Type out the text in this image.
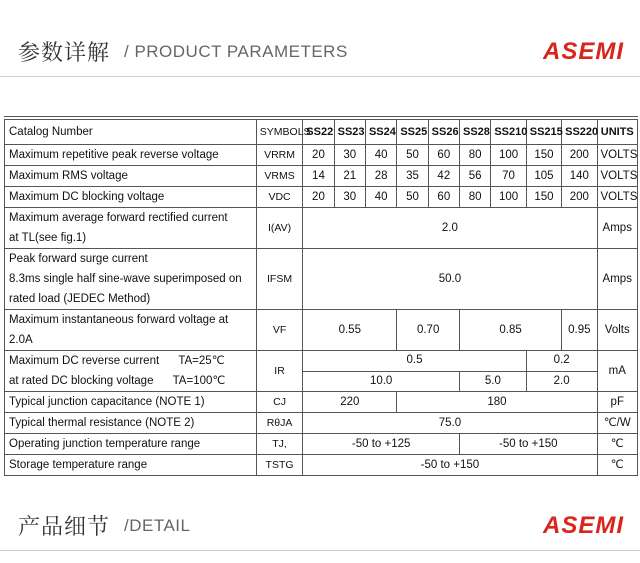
参数详解 / PRODUCT PARAMETERS	ASEMI
Catalog Number	SYMBOLS	SS22	SS23	SS24	SS25	SS26	SS28	SS210	SS215	SS220	UNITS
Maximum repetitive peak reverse voltage	VRRM	20	30	40	50	60	80	100	150	200	VOLTS
Maximum RMS voltage	VRMS	14	21	28	35	42	56	70	105	140	VOLTS
Maximum DC blocking voltage	VDC	20	30	40	50	60	80	100	150	200	VOLTS
Maximum average forward rectified current
at TL(see fig.1)	I(AV)	2.0									Amps
Peak forward surge current
8.3ms single half sine-wave superimposed on
rated load (JEDEC Method)	IFSM	50.0									Amps
Maximum instantaneous forward voltage at 2.0A	VF	0.55			0.70		0.85			0.95	Volts
Maximum DC reverse current TA=25℃
at rated DC blocking voltage TA=100℃	IR	0.5							0.2		mA
		10.0					5.0		2.0		
Typical junction capacitance (NOTE 1)	CJ	220			180						pF
Typical thermal resistance (NOTE 2)	RθJA	75.0									℃/W
Operating junction temperature range	TJ,	-50 to +125					-50 to +150				℃
Storage temperature range	TSTG	-50 to +150									℃
产品细节 /DETAIL	ASEMI
